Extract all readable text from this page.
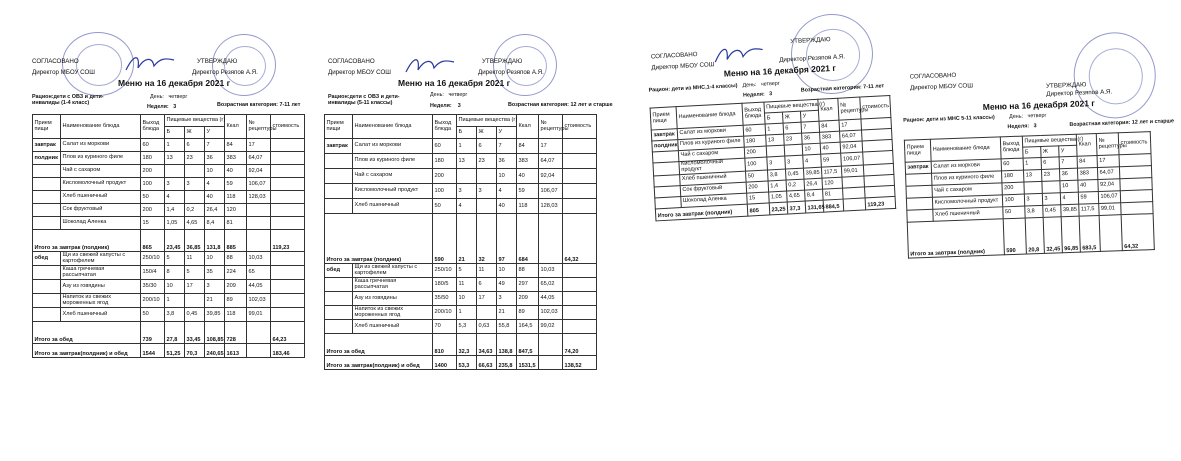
СОГЛАСОВАНО	УТВЕРЖДАЮ
Директор МБОУ СОШ	Директор Резяпов А.Я.
Меню на 16 декабря 2021 г
Рацион:дети с ОВЗ и дети-инвалиды (1-4 класс)
День: четверг
Неделя: 3	Возрастная категория: 7-11 лет
Прием пищи	Наименование блюда	Выход блюда	Пищевые вещества (г)			Ккал	№ рецептуры	стоимость
			Б	Ж	У			
завтрак	Салат из моркови	60	1	6	7	84	17	
полдник	Плов из куриного филе	180	13	23	36	383	64,07	
	Чай с сахаром	200			10	40	92,04	
	Кисломолочный продукт	100	3	3	4	59	106,07	
	Хлеб пшеничный	50	4		40	118	128,03	
	Сок фруктовый	200	1,4	0,2	26,4	120		
	Шоколад Аленка	15	1,05	4,65	8,4	81		
Итого за завтрак (полдник)		865	23,45	36,85	131,8	885		119,23
обед	Щи из свежей капусты с картофелем	250/10	5	11	10	88	10,03	
	Каша гречневая рассыпчатая	150/4	8	5	35	224	65	
	Азу из говядины	35/30	10	17	3	209	44,05	
	Напиток из свежих мороженных ягод	200/10	1		21	89	102,03	
	Хлеб пшеничный	50	3,8	0,45	39,85	118	99,01	
Итого за обед		739	27,8	33,45	108,85	728		64,23
Итого за завтрак(полдник) и обед		1544	51,25	70,3	240,65	1613		183,46
СОГЛАСОВАНО	УТВЕРЖДАЮ
Директор МБОУ СОШ	Директор Резяпов А.Я.
Меню на 16 декабря 2021 г
Рацион:дети с ОВЗ и дети-инвалиды (5-11 классы)
День: четверг
Неделя: 3	Возрастная категория: 12 лет и старше
Прием пищи	Наименование блюда	Выход блюда	Пищевые вещества (г)			Ккал	№ рецептуры	стоимость
			Б	Ж	У			
завтрак	Салат из моркови	60	1	6	7	84	17	
	Плов из куриного филе	180	13	23	36	383	64,07	
	Чай с сахаром	200			10	40	92,04	
	Кисломолочный продукт	100	3	3	4	59	106,07	
	Хлеб пшеничный	50	4		40	118	128,03	
Итого за завтрак (полдник)		590	21	32	97	684		64,32
обед	Щи из свежей капусты с картофелем	250/10	5	11	10	88	10,03	
	Каша гречневая рассыпчатая	180/5	11	6	49	297	65,02	
	Азу из говядины	35/50	10	17	3	209	44,05	
	Напиток из свежих мороженных ягод	200/10	1		21	89	102,03	
	Хлеб пшеничный	70	5,3	0,63	55,8	164,5	99,02	
Итого за обед		810	32,3	34,63	138,8	847,5		74,20
Итого за завтрак(полдник) и обед		1400	53,3	66,63	235,8	1531,5		138,52
СОГЛАСОВАНО
УТВЕРЖДАЮ
Директор МБОУ СОШ
Директор Резяпов А.Я.
Меню на 16 декабря 2021 г
Рацион: дети из МНС,1-4 классы) День: четверг
Неделя: 3
Возрастная категория: 7-11 лет
Прием пищи	Наименование блюда	Выход блюда	Пищевые вещества (г)			Ккал	№ рецептуры	стоимость
			Б	Ж	У			
завтрак	Салат из моркови	60	1	6	7	84	17	
полдник	Плов из куриного филе	180	13	23	36	383	64,07	
	Чай с сахаром	200			10	40	92,04	
	Кисломолочный продукт	100	3	3	4	59	106,07	
	Хлеб пшеничный	50	3,8	0,45	39,85	117,5	99,01	
	Сок фруктовый	200	1,4	0,2	26,4	120		
	Шоколад Аленка	15	1,05	4,65	8,4	81		
Итого за завтрак (полдник)		805	23,25	37,3	131,65	884,5		119,23
СОГЛАСОВАНО
УТВЕРЖДАЮ
Директор МБОУ СОШ
Директор Резяпов А.Я.
Меню на 16 декабря 2021 г
Рацион: дети из МНС 5-11 классы)	День: четверг
Неделя: 3	Возрастная категория: 12 лет и старше
Прием пищи	Наименование блюда	Выход блюда	Пищевые вещества (г)			Ккал	№ рецептуры	стоимость
			Б	Ж	У			
завтрак	Салат из моркови	60	1	6	7	84	17	
	Плов из куриного филе	180	13	23	36	383	64,07	
	Чай с сахаром	200			10	40	92,04	
	Кисломолочный продукт	100	3	3	4	59	106,07	
	Хлеб пшеничный	50	3,8	0,45	39,85	117,5	99,01	
Итого за завтрак (полдник)		590	20,8	32,45	96,85	683,5		64,32
